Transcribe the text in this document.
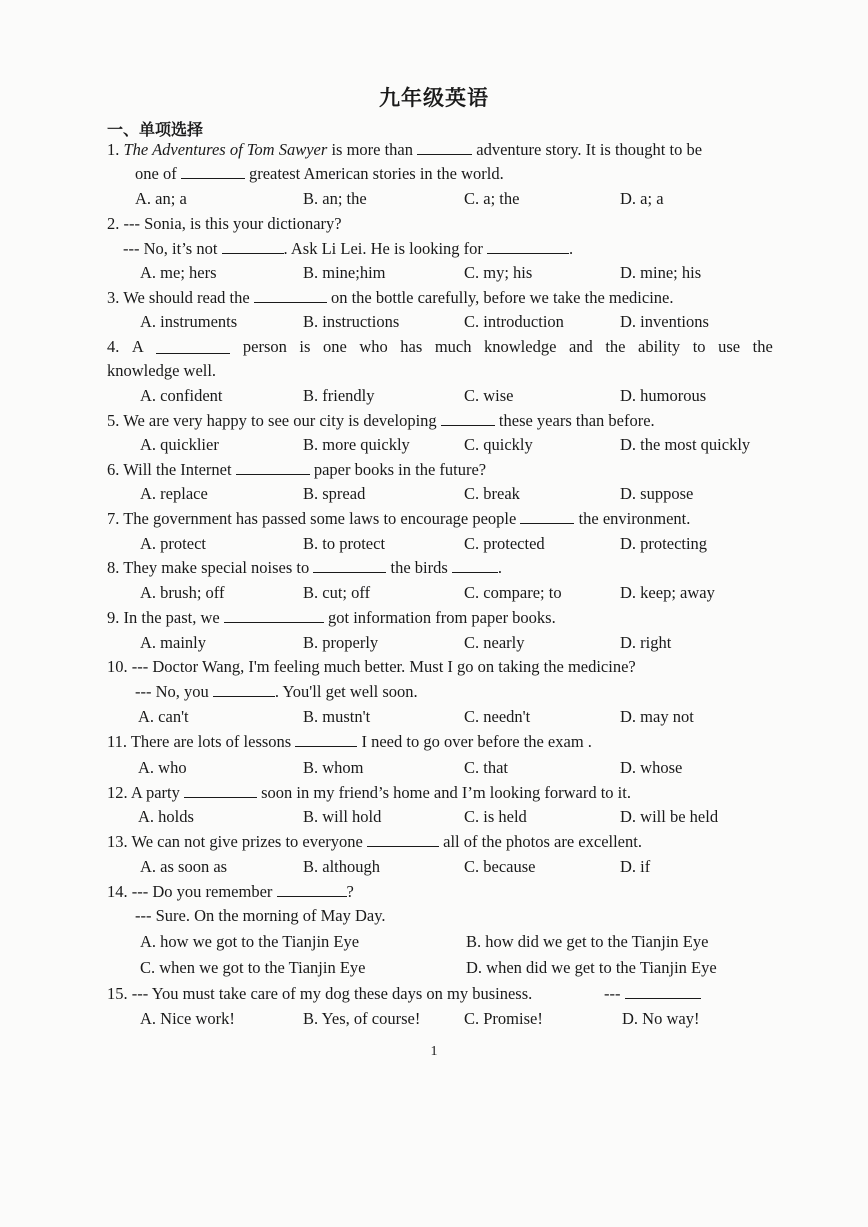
九年级英语
一、单项选择
1. The Adventures of Tom Sawyer is more than	adventure story. It is thought to be
one of	greatest American stories in the world.
A. an; a	B. an; the	C. a; the	D. a; a
2. --- Sonia, is this your dictionary?
--- No, it’s not	. Ask Li Lei. He is looking for	.
A. me; hers	B. mine;him	C. my; his	D. mine; his
3. We should read the	on the bottle carefully, before we take the medicine.
A. instruments	B. instructions	C. introduction	D. inventions
4. A	person is one who has much knowledge and the ability to use the
knowledge well.
A. confident	B. friendly	C. wise	D. humorous
5. We are very happy to see our city is developing	these years than before.
A. quicklier	B. more quickly	C. quickly	D. the most quickly
6. Will the Internet	paper books in the future?
A. replace	B. spread	C. break	D. suppose
7. The government has passed some laws to encourage people	the environment.
A. protect	B. to protect	C. protected	D. protecting
8. They make special noises to	the birds	.
A. brush; off	B. cut; off	C. compare; to	D. keep; away
9. In the past, we	got information from paper books.
A. mainly	B. properly	C. nearly	D. right
10. --- Doctor Wang, I'm feeling much better. Must I go on taking the medicine?
--- No, you	. You'll get well soon.
A. can't	B. mustn't	C. needn't	D. may not
11. There are lots of lessons	I need to go over before the exam .
A. who	B. whom	C. that	D. whose
12. A party	soon in my friend’s home and I’m looking forward to it.
A. holds	B. will hold	C. is held	D. will be held
13. We can not give prizes to everyone	all of the photos are excellent.
A. as soon as	B. although	C. because	D. if
14. --- Do you remember	?
--- Sure. On the morning of May Day.
A. how we got to the Tianjin Eye	B. how did we get to the Tianjin Eye
C. when we got to the Tianjin Eye	D. when did we get to the Tianjin Eye
15. --- You must take care of my dog these days on my business.	---
A. Nice work!	B. Yes, of course!	C. Promise!	D. No way!
1
